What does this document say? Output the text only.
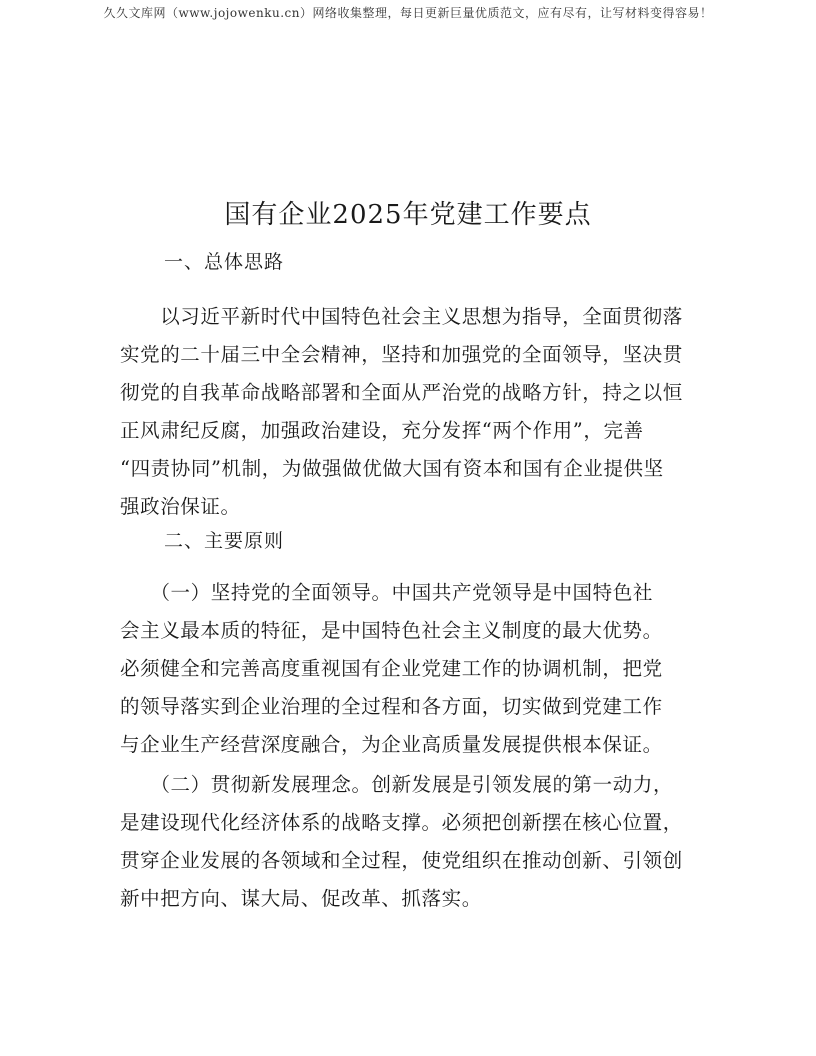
久久文库网（www.jojowenku.cn）网络收集整理，每日更新巨量优质范文，应有尽有，让写材料变得容易！
国有企业2025年党建工作要点
一、总体思路
　　以习近平新时代中国特色社会主义思想为指导，全面贯彻落
实党的二十届三中全会精神，坚持和加强党的全面领导，坚决贯
彻党的自我革命战略部署和全面从严治党的战略方针，持之以恒
正风肃纪反腐，加强政治建设，充分发挥“两个作用”，完善
“四责协同”机制，为做强做优做大国有资本和国有企业提供坚
强政治保证。
二、主要原则
　　（一）坚持党的全面领导。中国共产党领导是中国特色社
会主义最本质的特征，是中国特色社会主义制度的最大优势。
必须健全和完善高度重视国有企业党建工作的协调机制，把党
的领导落实到企业治理的全过程和各方面，切实做到党建工作
与企业生产经营深度融合，为企业高质量发展提供根本保证。
　　（二）贯彻新发展理念。创新发展是引领发展的第一动力，
是建设现代化经济体系的战略支撑。必须把创新摆在核心位置，
贯穿企业发展的各领域和全过程，使党组织在推动创新、引领创
新中把方向、谋大局、促改革、抓落实。
